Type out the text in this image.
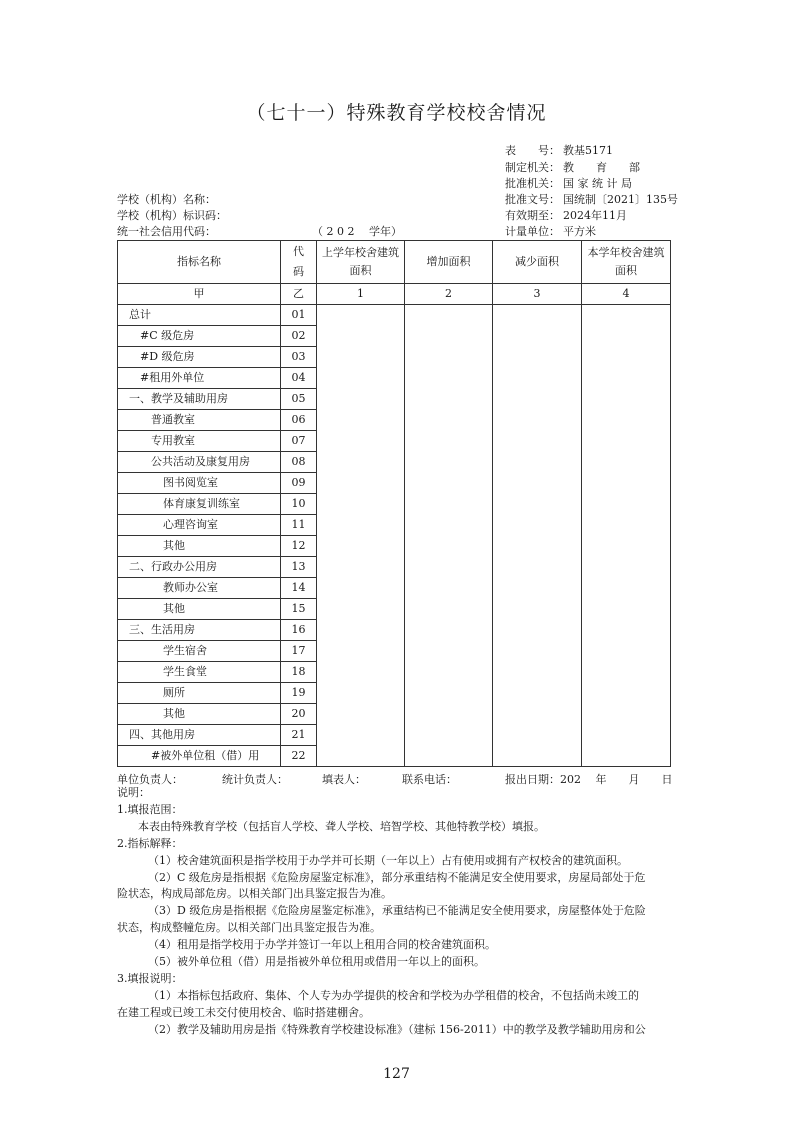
（七十一）特殊教育学校校舍情况
表　　号： 教基5171
制定机关： 教　　育　　部
批准机关： 国 家 统 计 局
批准文号： 国统制〔2021〕135号
有效期至： 2024年11月
计量单位： 平方米
学校（机构）名称：
学校（机构）标识码：
统一社会信用代码：	（ 2 0 2　 学年）
指标名称	代码	上学年校舍建筑面积	增加面积	减少面积	本学年校舍建筑面积
甲	乙	1	2	3	4
总计	01				
#C 级危房	02				
#D 级危房	03				
#租用外单位	04				
一、教学及辅助用房	05				
普通教室	06				
专用教室	07				
公共活动及康复用房	08				
图书阅览室	09				
体育康复训练室	10				
心理咨询室	11				
其他	12				
二、行政办公用房	13				
教师办公室	14				
其他	15				
三、生活用房	16				
学生宿舍	17				
学生食堂	18				
厕所	19				
其他	20				
四、其他用房	21				
#被外单位租（借）用	22				
单位负责人：	统计负责人：	填表人：	联系电话：	报出日期：202　 年　　月　　日
说明：
1.填报范围：
本表由特殊教育学校（包括盲人学校、聋人学校、培智学校、其他特教学校）填报。
2.指标解释：
（1）校舍建筑面积是指学校用于办学并可长期（一年以上）占有使用或拥有产权校舍的建筑面积。
（2）C 级危房是指根据《危险房屋鉴定标准》，部分承重结构不能满足安全使用要求，房屋局部处于危
险状态，构成局部危房。以相关部门出具鉴定报告为准。
（3）D 级危房是指根据《危险房屋鉴定标准》，承重结构已不能满足安全使用要求，房屋整体处于危险
状态，构成整幢危房。以相关部门出具鉴定报告为准。
（4）租用是指学校用于办学并签订一年以上租用合同的校舍建筑面积。
（5）被外单位租（借）用是指被外单位租用或借用一年以上的面积。
3.填报说明：
（1）本指标包括政府、集体、个人专为办学提供的校舍和学校为办学租借的校舍，不包括尚未竣工的
在建工程或已竣工未交付使用校舍、临时搭建棚舍。
（2）教学及辅助用房是指《特殊教育学校建设标准》（建标 156-2011）中的教学及教学辅助用房和公
127
